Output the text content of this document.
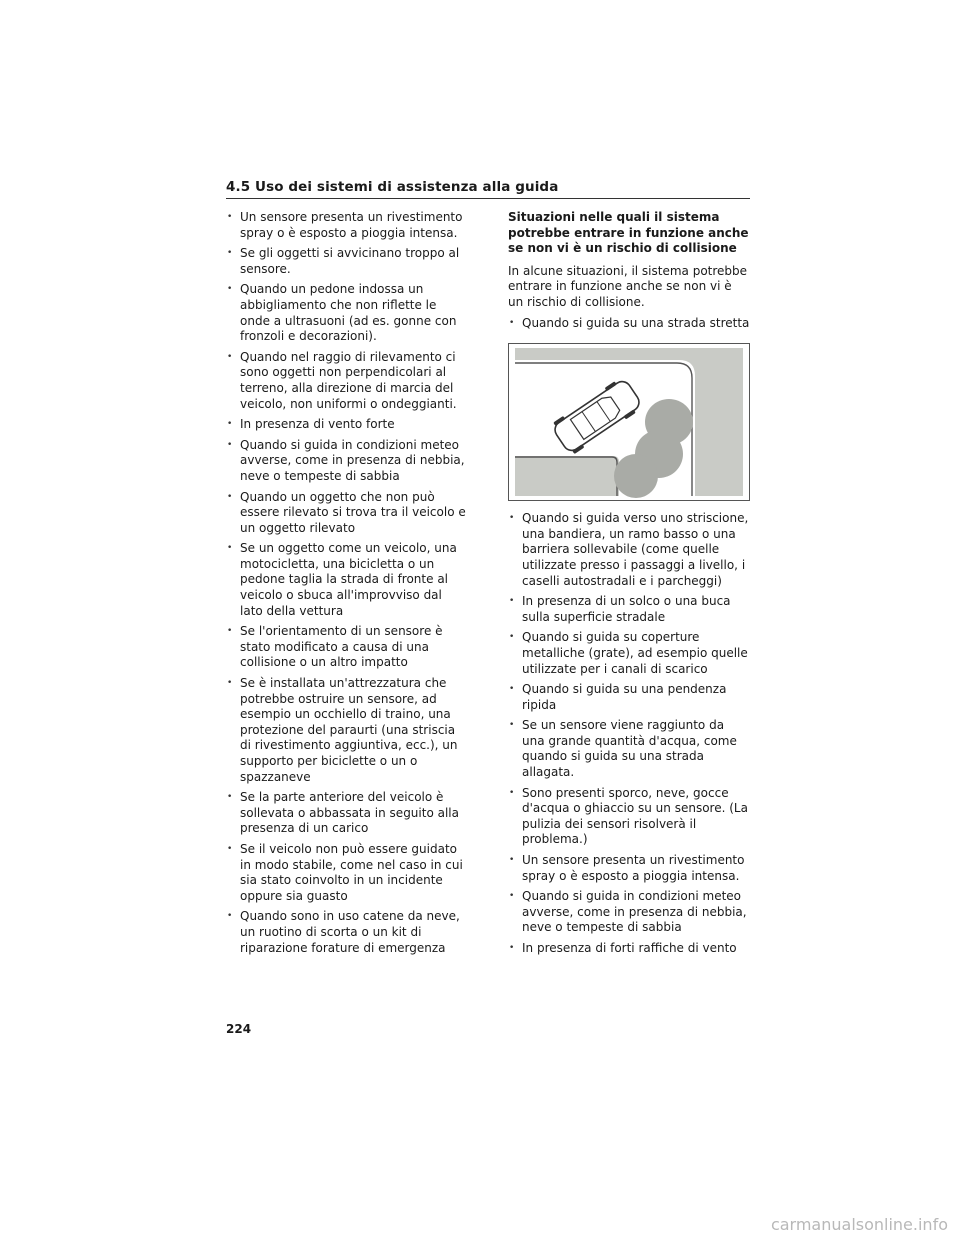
4.5 Uso dei sistemi di assistenza alla guida
• Un sensore presenta un rivestimento spray o è esposto a pioggia intensa.
• Se gli oggetti si avvicinano troppo al sensore.
• Quando un pedone indossa un abbigliamento che non riflette le onde a ultrasuoni (ad es. gonne con fronzoli e decorazioni).
• Quando nel raggio di rilevamento ci sono oggetti non perpendicolari al terreno, alla direzione di marcia del veicolo, non uniformi o ondeggianti.
• In presenza di vento forte
• Quando si guida in condizioni meteo avverse, come in presenza di nebbia, neve o tempeste di sabbia
• Quando un oggetto che non può essere rilevato si trova tra il veicolo e un oggetto rilevato
• Se un oggetto come un veicolo, una motocicletta, una bicicletta o un pedone taglia la strada di fronte al veicolo o sbuca all'improvviso dal lato della vettura
• Se l'orientamento di un sensore è stato modificato a causa di una collisione o un altro impatto
• Se è installata un'attrezzatura che potrebbe ostruire un sensore, ad esempio un occhiello di traino, una protezione del paraurti (una striscia di rivestimento aggiuntiva, ecc.), un supporto per biciclette o un o spazzaneve
• Se la parte anteriore del veicolo è sollevata o abbassata in seguito alla presenza di un carico
• Se il veicolo non può essere guidato in modo stabile, come nel caso in cui sia stato coinvolto in un incidente oppure sia guasto
• Quando sono in uso catene da neve, un ruotino di scorta o un kit di riparazione forature di emergenza
Situazioni nelle quali il sistema potrebbe entrare in funzione anche se non vi è un rischio di collisione

In alcune situazioni, il sistema potrebbe entrare in funzione anche se non vi è un rischio di collisione.

• Quando si guida su una strada stretta
• Quando si guida verso uno striscione, una bandiera, un ramo basso o una barriera sollevabile (come quelle utilizzate presso i passaggi a livello, i caselli autostradali e i parcheggi)
• In presenza di un solco o una buca sulla superficie stradale
• Quando si guida su coperture metalliche (grate), ad esempio quelle utilizzate per i canali di scarico
• Quando si guida su una pendenza ripida
• Se un sensore viene raggiunto da una grande quantità d'acqua, come quando si guida su una strada allagata.
• Sono presenti sporco, neve, gocce d'acqua o ghiaccio su un sensore. (La pulizia dei sensori risolverà il problema.)
• Un sensore presenta un rivestimento spray o è esposto a pioggia intensa.
• Quando si guida in condizioni meteo avverse, come in presenza di nebbia, neve o tempeste di sabbia
• In presenza di forti raffiche di vento
224
carmanualsonline.info
